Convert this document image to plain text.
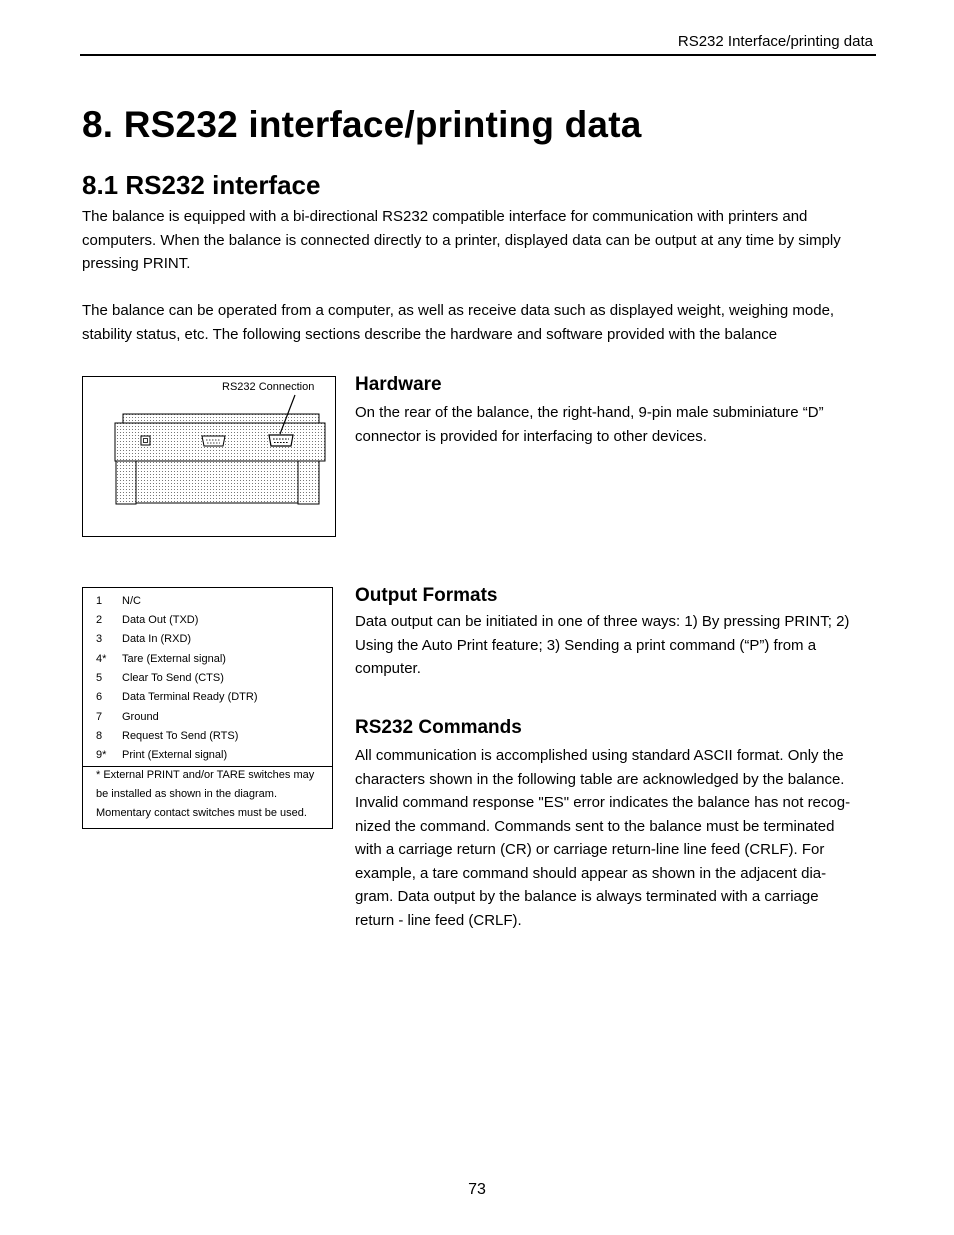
RS232 Interface/printing data
8. RS232 interface/printing data
8.1 RS232 interface
The balance is equipped with a bi-directional RS232 compatible interface for communication with printers and computers. When the balance is connected directly to a printer, displayed data can be output at any time by simply pressing PRINT.
The balance can be operated from a computer, as well as receive data such as displayed weight, weighing mode, stability status, etc. The following sections describe the hardware and software provided with the balance
RS232 Connection Hardware
On the rear of the balance, the right-hand, 9-pin male subminiature “D” connector is provided for interfacing to other devices.
1 N/C
2 Data Out (TXD)
3 Data In (RXD)
4* Tare (External signal)
5 Clear To Send (CTS)
6 Data Terminal Ready (DTR)
7 Ground
8 Request To Send (RTS)
9* Print (External signal)
* External PRINT and/or TARE switches may
be installed as shown in the diagram.
Momentary contact switches must be used.
Output Formats
Data output can be initiated in one of three ways: 1) By pressing PRINT; 2)
Using the Auto Print feature; 3) Sending a print command (“P”) from a
computer.
RS232 Commands
All communication is accomplished using standard ASCII format. Only the
characters shown in the following table are acknowledged by the balance.
Invalid command response "ES" error indicates the balance has not recog-
nized the command. Commands sent to the balance must be terminated
with a carriage return (CR) or carriage return-line line feed (CRLF). For
example, a tare command should appear as shown in the adjacent dia-
gram. Data output by the balance is always terminated with a carriage
return - line feed (CRLF).
73
